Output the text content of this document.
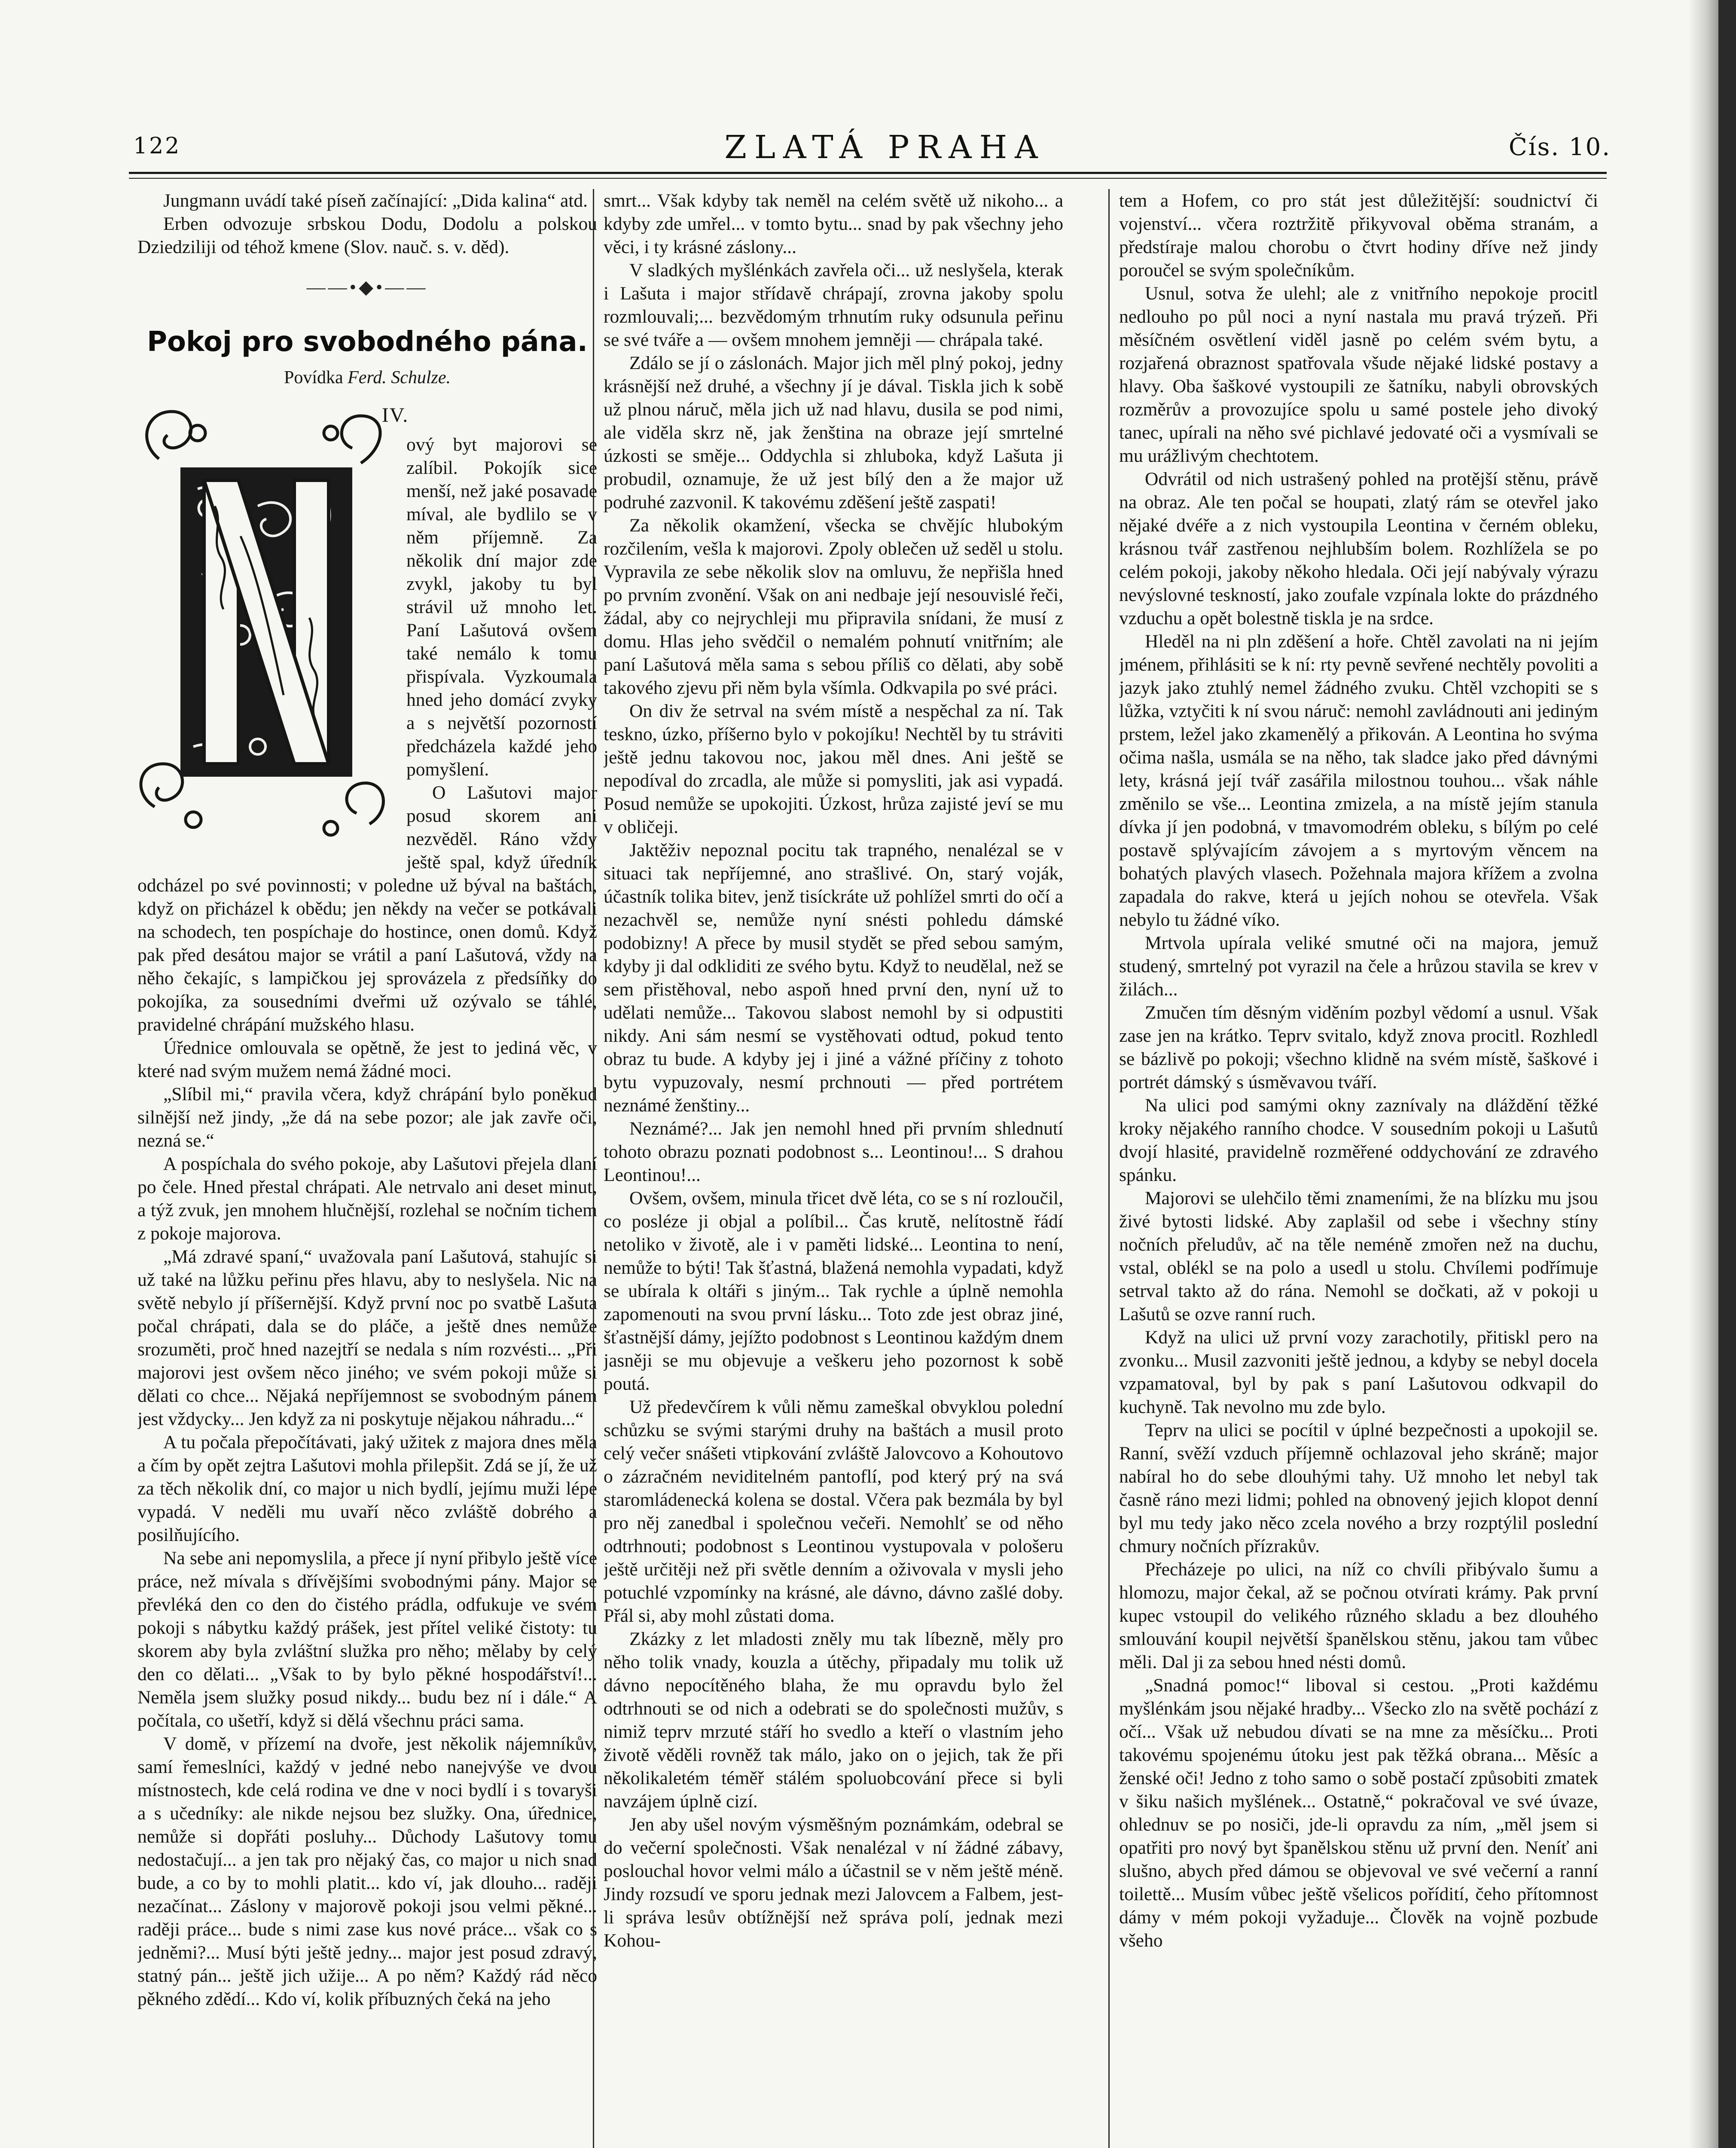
122	ZLATÁ PRAHA	Čís. 10.

Jungmann uvádí také píseň začínající: „Dida kalina“ atd.

Erben odvozuje srbskou Dodu, Dodolu a polskou Dziedziliji od téhož kmene (Slov. nauč. s. v. děd).

——•◆•——
Pokoj pro svobodného pána.
Povídka Ferd. Schulze.
IV.

ový byt majorovi se zalíbil. Pokojík sice menší, než jaké posavade míval, ale bydlilo se v něm příjemně. Za několik dní major zde zvykl, jakoby tu byl strávil už mnoho let. Paní Lašutová ovšem také nemálo k tomu přispívala. Vyzkoumala hned jeho domácí zvyky a s největší pozorností předcházela každé jeho pomyšlení.

O Lašutovi major posud skorem ani nezvěděl. Ráno vždy ještě spal, když úředník odcházel po své povinnosti; v poledne už býval na baštách, když on přicházel k obědu; jen někdy na večer se potkávali na schodech, ten pospíchaje do hostince, onen domů. Když pak před desátou major se vrátil a paní Lašutová, vždy na něho čekajíc, s lampičkou jej sprovázela z předsíňky do pokojíka, za sousedními dveřmi už ozývalo se táhlé, pravidelné chrápání mužského hlasu.

Úřednice omlouvala se opětně, že jest to jediná věc, v které nad svým mužem nemá žádné moci.

„Slíbil mi,“ pravila včera, když chrápání bylo poněkud silnější než jindy, „že dá na sebe pozor; ale jak zavře oči, nezná se.“

A pospíchala do svého pokoje, aby Lašutovi přejela dlaní po čele. Hned přestal chrápati. Ale netrvalo ani deset minut, a týž zvuk, jen mnohem hlučnější, rozlehal se nočním tichem z pokoje majorova.

„Má zdravé spaní,“ uvažovala paní Lašutová, stahujíc si už také na lůžku peřinu přes hlavu, aby to neslyšela. Nic na světě nebylo jí příšernější. Když první noc po svatbě Lašuta počal chrápati, dala se do pláče, a ještě dnes nemůže srozuměti, proč hned nazejtří se nedala s ním rozvésti... „Při majorovi jest ovšem něco jiného; ve svém pokoji může si dělati co chce... Nějaká nepříjemnost se svobodným pánem jest vždycky... Jen když za ni poskytuje nějakou náhradu...“

A tu počala přepočítávati, jaký užitek z majora dnes měla a čím by opět zejtra Lašutovi mohla přilepšit. Zdá se jí, že už za těch několik dní, co major u nich bydlí, jejímu muži lépe vypadá. V neděli mu uvaří něco zvláště dobrého a posilňujícího.

Na sebe ani nepomyslila, a přece jí nyní přibylo ještě více práce, než mívala s dřívějšími svobodnými pány. Major se převléká den co den do čistého prádla, odfukuje ve svém pokoji s nábytku každý prášek, jest přítel veliké čistoty: tu skorem aby byla zvláštní služka pro něho; mělaby by celý den co dělati... „Však to by bylo pěkné hospodářství!... Neměla jsem služky posud nikdy... budu bez ní i dále.“ A počítala, co ušetří, když si dělá všechnu práci sama.

V domě, v přízemí na dvoře, jest několik nájemníkův, samí řemeslníci, každý v jedné nebo nanejvýše ve dvou místnostech, kde celá rodina ve dne v noci bydlí i s tovaryši a s učedníky: ale nikde nejsou bez služky. Ona, úřednice, nemůže si dopřáti posluhy... Důchody Lašutovy tomu nedostačují... a jen tak pro nějaký čas, co major u nich snad bude, a co by to mohli platit... kdo ví, jak dlouho... raději nezačínat... Záslony v majorově pokoji jsou velmi pěkné... raději práce... bude s nimi zase kus nové práce... však co s jedněmi?... Musí býti ještě jedny... major jest posud zdravý, statný pán... ještě jich užije... A po něm? Každý rád něco pěkného zdědí... Kdo ví, kolik příbuzných čeká na jeho

smrt... Však kdyby tak neměl na celém světě už nikoho... a kdyby zde umřel... v tomto bytu... snad by pak všechny jeho věci, i ty krásné záslony...

V sladkých myšlénkách zavřela oči... už neslyšela, kterak i Lašuta i major střídavě chrápají, zrovna jakoby spolu rozmlouvali;... bezvědomým trhnutím ruky odsunula peřinu se své tváře a — ovšem mnohem jemněji — chrápala také.

Zdálo se jí o záslonách. Major jich měl plný pokoj, jedny krásnější než druhé, a všechny jí je dával. Tiskla jich k sobě už plnou náruč, měla jich už nad hlavu, dusila se pod nimi, ale viděla skrz ně, jak ženština na obraze její smrtelné úzkosti se směje... Oddychla si zhluboka, když Lašuta ji probudil, oznamuje, že už jest bílý den a že major už podruhé zazvonil. K takovému zděšení ještě zaspati!

Za několik okamžení, všecka se chvějíc hlubokým rozčilením, vešla k majorovi. Zpoly oblečen už seděl u stolu. Vypravila ze sebe několik slov na omluvu, že nepřišla hned po prvním zvonění. Však on ani nedbaje její nesouvislé řeči, žádal, aby co nejrychleji mu připravila snídani, že musí z domu. Hlas jeho svědčil o nemalém pohnutí vnitřním; ale paní Lašutová měla sama s sebou příliš co dělati, aby sobě takového zjevu při něm byla všímla. Odkvapila po své práci.

On div že setrval na svém místě a nespěchal za ní. Tak teskno, úzko, příšerno bylo v pokojíku! Nechtěl by tu stráviti ještě jednu takovou noc, jakou měl dnes. Ani ještě se nepodíval do zrcadla, ale může si pomysliti, jak asi vypadá. Posud nemůže se upokojiti. Úzkost, hrůza zajisté jeví se mu v obličeji.

Jaktěživ nepoznal pocitu tak trapného, nenalézal se v situaci tak nepříjemné, ano strašlivé. On, starý voják, účastník tolika bitev, jenž tisíckráte už pohlížel smrti do očí a nezachvěl se, nemůže nyní snésti pohledu dámské podobizny! A přece by musil stydět se před sebou samým, kdyby ji dal odkliditi ze svého bytu. Když to neudělal, než se sem přistěhoval, nebo aspoň hned první den, nyní už to udělati nemůže... Takovou slabost nemohl by si odpustiti nikdy. Ani sám nesmí se vystěhovati odtud, pokud tento obraz tu bude. A kdyby jej i jiné a vážné příčiny z tohoto bytu vypuzovaly, nesmí prchnouti — před portrétem neznámé ženštiny...

Neznámé?... Jak jen nemohl hned při prvním shlednutí tohoto obrazu poznati podobnost s... Leontinou!... S drahou Leontinou!...

Ovšem, ovšem, minula třicet dvě léta, co se s ní rozloučil, co posléze ji objal a políbil... Čas krutě, nelítostně řádí netoliko v životě, ale i v paměti lidské... Leontina to není, nemůže to býti! Tak šťastná, blažená nemohla vypadati, když se ubírala k oltáři s jiným... Tak rychle a úplně nemohla zapomenouti na svou první lásku... Toto zde jest obraz jiné, šťastnější dámy, jejížto podobnost s Leontinou každým dnem jasněji se mu objevuje a veškeru jeho pozornost k sobě poutá.

Už předevčírem k vůli němu zameškal obvyklou polední schůzku se svými starými druhy na baštách a musil proto celý večer snášeti vtipkování zvláště Jalovcovo a Kohoutovo o zázračném neviditelném pantoflí, pod který prý na svá staromládenecká kolena se dostal. Včera pak bezmála by byl pro něj zanedbal i společnou večeři. Nemohlť se od něho odtrhnouti; podobnost s Leontinou vystupovala v pološeru ještě určitěji než při světle denním a oživovala v mysli jeho potuchlé vzpomínky na krásné, ale dávno, dávno zašlé doby. Přál si, aby mohl zůstati doma.

Zkázky z let mladosti zněly mu tak líbezně, měly pro něho tolik vnady, kouzla a útěchy, připadaly mu tolik už dávno nepocítěného blaha, že mu opravdu bylo žel odtrhnouti se od nich a odebrati se do společnosti mužův, s nimiž teprv mrzuté stáří ho svedlo a kteří o vlastním jeho životě věděli rovněž tak málo, jako on o jejich, tak že při několikaletém téměř stálém spoluobcování přece si byli navzájem úplně cizí.

Jen aby ušel novým výsměšným poznámkám, odebral se do večerní společnosti. Však nenalézal v ní žádné zábavy, poslouchal hovor velmi málo a účastnil se v něm ještě méně. Jindy rozsudí ve sporu jednak mezi Jalovcem a Falbem, jest-li správa lesův obtížnější než správa polí, jednak mezi Kohou-

tem a Hofem, co pro stát jest důležitější: soudnictví či vojenství... včera roztržitě přikyvoval oběma stranám, a předstíraje malou chorobu o čtvrt hodiny dříve než jindy poroučel se svým společníkům.

Usnul, sotva že ulehl; ale z vnitřního nepokoje procitl nedlouho po půl noci a nyní nastala mu pravá trýzeň. Při měsíčném osvětlení viděl jasně po celém svém bytu, a rozjařená obraznost spatřovala všude nějaké lidské postavy a hlavy. Oba šaškové vystoupili ze šatníku, nabyli obrovských rozměrův a provozujíce spolu u samé postele jeho divoký tanec, upírali na něho své pichlavé jedovaté oči a vysmívali se mu urážlivým chechtotem.

Odvrátil od nich ustrašený pohled na protější stěnu, právě na obraz. Ale ten počal se houpati, zlatý rám se otevřel jako nějaké dvéře a z nich vystoupila Leontina v černém obleku, krásnou tvář zastřenou nejhlubším bolem. Rozhlížela se po celém pokoji, jakoby někoho hledala. Oči její nabývaly výrazu nevýslovné teskností, jako zoufale vzpínala lokte do prázdného vzduchu a opět bolestně tiskla je na srdce.

Hleděl na ni pln zděšení a hoře. Chtěl zavolati na ni jejím jménem, přihlásiti se k ní: rty pevně sevřené nechtěly povoliti a jazyk jako ztuhlý nemel žádného zvuku. Chtěl vzchopiti se s lůžka, vztyčiti k ní svou náruč: nemohl zavládnouti ani jediným prstem, ležel jako zkamenělý a přikován. A Leontina ho svýma očima našla, usmála se na něho, tak sladce jako před dávnými lety, krásná její tvář zasářila milostnou touhou... však náhle změnilo se vše... Leontina zmizela, a na místě jejím stanula dívka jí jen podobná, v tmavomodrém obleku, s bílým po celé postavě splývajícím závojem a s myrtovým věncem na bohatých plavých vlasech. Požehnala majora křížem a zvolna zapadala do rakve, která u jejích nohou se otevřela. Však nebylo tu žádné víko.

Mrtvola upírala veliké smutné oči na majora, jemuž studený, smrtelný pot vyrazil na čele a hrůzou stavila se krev v žilách...

Zmučen tím děsným viděním pozbyl vědomí a usnul. Však zase jen na krátko. Teprv svitalo, když znova procitl. Rozhledl se bázlivě po pokoji; všechno klidně na svém místě, šaškové i portrét dámský s úsměvavou tváří.

Na ulici pod samými okny zaznívaly na dláždění těžké kroky nějakého ranního chodce. V sousedním pokoji u Lašutů dvojí hlasité, pravidelně rozměřené oddychování ze zdravého spánku.

Majorovi se ulehčilo těmi znameními, že na blízku mu jsou živé bytosti lidské. Aby zaplašil od sebe i všechny stíny nočních přeludův, ač na těle neméně zmořen než na duchu, vstal, oblékl se na polo a usedl u stolu. Chvílemi podřímuje setrval takto až do rána. Nemohl se dočkati, až v pokoji u Lašutů se ozve ranní ruch.

Když na ulici už první vozy zarachotily, přitiskl pero na zvonku... Musil zazvoniti ještě jednou, a kdyby se nebyl docela vzpamatoval, byl by pak s paní Lašutovou odkvapil do kuchyně. Tak nevolno mu zde bylo.

Teprv na ulici se pocítil v úplné bezpečnosti a upokojil se. Ranní, svěží vzduch příjemně ochlazoval jeho skráně; major nabíral ho do sebe dlouhými tahy. Už mnoho let nebyl tak časně ráno mezi lidmi; pohled na obnovený jejich klopot denní byl mu tedy jako něco zcela nového a brzy rozptýlil poslední chmury nočních přízrakův.

Přecházeje po ulici, na níž co chvíli přibývalo šumu a hlomozu, major čekal, až se počnou otvírati krámy. Pak první kupec vstoupil do velikého různého skladu a bez dlouhého smlouvání koupil největší španělskou stěnu, jakou tam vůbec měli. Dal ji za sebou hned nésti domů.

„Snadná pomoc!“ liboval si cestou. „Proti každému myšlénkám jsou nějaké hradby... Všecko zlo na světě pochází z očí... Však už nebudou dívati se na mne za měsíčku... Proti takovému spojenému útoku jest pak těžká obrana... Měsíc a ženské oči! Jedno z toho samo o sobě postačí způsobiti zmatek v šiku našich myšlének... Ostatně,“ pokračoval ve své úvaze, ohlednuv se po nosiči, jde-li opravdu za ním, „měl jsem si opatřiti pro nový byt španělskou stěnu už první den. Neníť ani slušno, abych před dámou se objevoval ve své večerní a ranní toilettě... Musím vůbec ještě všelicos pořídití, čeho přítomnost dámy v mém pokoji vyžaduje... Člověk na vojně pozbude všeho
